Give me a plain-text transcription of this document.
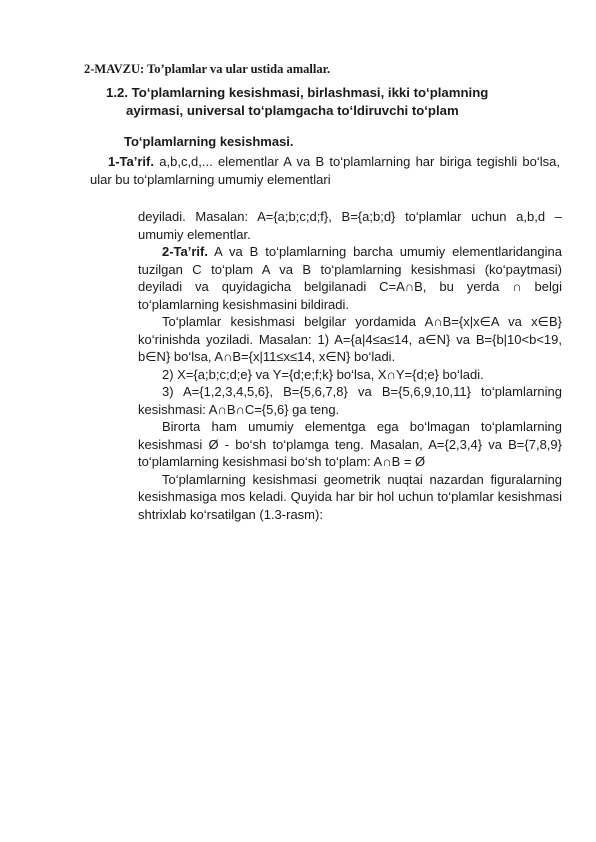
2-MAVZU: To’plamlar va ular ustida amallar.
1.2. To‘plamlarning kesishmasi, birlashmasi, ikki to‘plamning
ayirmasi, universal to‘plamgacha to‘ldiruvchi to‘plam
To‘plamlarning kesishmasi.

1-Ta’rif. a,b,c,d,... elementlar A va B to‘plamlarning har biriga tegishli bo‘lsa, ular bu to‘plamlarning umumiy elementlari

deyiladi. Masalan: A={a;b;c;d;f}, B={a;b;d} to‘plamlar uchun a,b,d – umumiy elementlar.

2-Ta’rif. A va B to‘plamlarning barcha umumiy elementlaridangina tuzilgan C to‘plam A va B to‘plamlarning kesishmasi (ko‘paytmasi) deyiladi va quyidagicha belgilanadi C=A∩B, bu yerda ∩ belgi to‘plamlarning kesishmasini bildiradi.

To‘plamlar kesishmasi belgilar yordamida A∩B={x|x∈A va x∈B} ko‘rinishda yoziladi. Masalan: 1) A={a|4≤a≤14, a∈N} va B={b|10<b<19, b∈N} bo‘lsa, A∩B={x|11≤x≤14, x∈N} bo‘ladi.

2) X={a;b;c;d;e} va Y={d;e;f;k} bo‘lsa, X∩Y={d;e} bo‘ladi.

3) A={1,2,3,4,5,6}, B={5,6,7,8} va B={5,6,9,10,11} to‘plamlarning kesishmasi: A∩B∩C={5,6} ga teng.

Birorta ham umumiy elementga ega bo‘lmagan to‘plamlarning kesishmasi Ø - bo‘sh to‘plamga teng. Masalan, A={2,3,4} va B={7,8,9} to‘plamlarning kesishmasi bo‘sh to‘plam: A∩B = Ø

To‘plamlarning kesishmasi geometrik nuqtai nazardan figuralarning kesishmasiga mos keladi. Quyida har bir hol uchun to‘plamlar kesishmasi shtrixlab ko‘rsatilgan (1.3-rasm):
